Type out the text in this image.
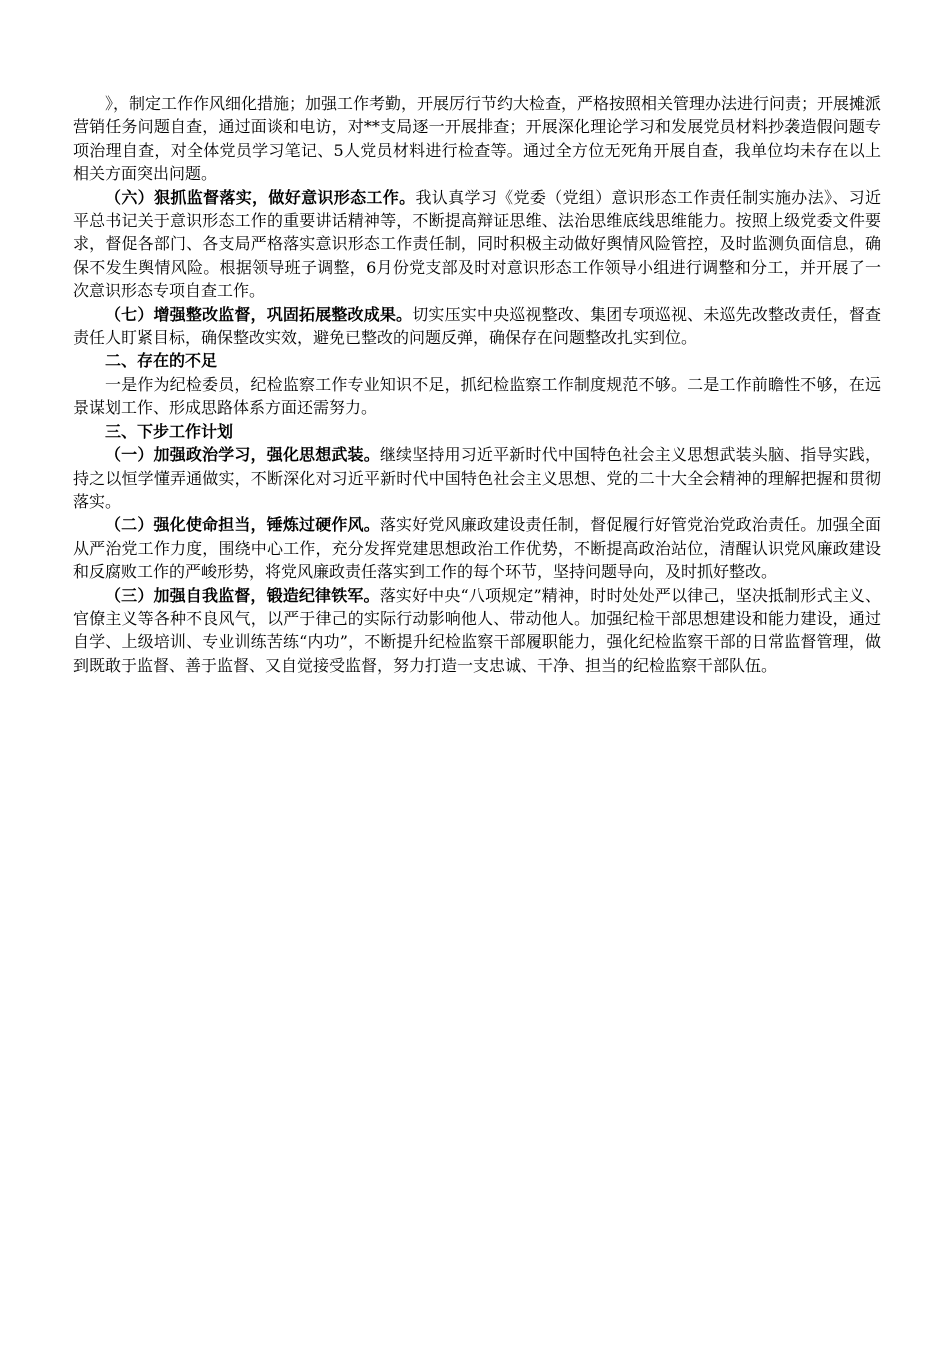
》，制定工作作风细化措施；加强工作考勤，开展厉行节约大检查，严格按照相关管理办法进行问责；开展摊派营销任务问题自查，通过面谈和电访，对**支局逐一开展排查；开展深化理论学习和发展党员材料抄袭造假问题专项治理自查，对全体党员学习笔记、5人党员材料进行检查等。通过全方位无死角开展自查，我单位均未存在以上相关方面突出问题。

（六）狠抓监督落实，做好意识形态工作。我认真学习《党委（党组）意识形态工作责任制实施办法》、习近平总书记关于意识形态工作的重要讲话精神等，不断提高辩证思维、法治思维底线思维能力。按照上级党委文件要求，督促各部门、各支局严格落实意识形态工作责任制，同时积极主动做好舆情风险管控，及时监测负面信息，确保不发生舆情风险。根据领导班子调整，6月份党支部及时对意识形态工作领导小组进行调整和分工，并开展了一次意识形态专项自查工作。

（七）增强整改监督，巩固拓展整改成果。切实压实中央巡视整改、集团专项巡视、未巡先改整改责任，督查责任人盯紧目标，确保整改实效，避免已整改的问题反弹，确保存在问题整改扎实到位。

二、存在的不足

一是作为纪检委员，纪检监察工作专业知识不足，抓纪检监察工作制度规范不够。二是工作前瞻性不够，在远景谋划工作、形成思路体系方面还需努力。

三、下步工作计划

（一）加强政治学习，强化思想武装。继续坚持用习近平新时代中国特色社会主义思想武装头脑、指导实践，持之以恒学懂弄通做实，不断深化对习近平新时代中国特色社会主义思想、党的二十大全会精神的理解把握和贯彻落实。

（二）强化使命担当，锤炼过硬作风。落实好党风廉政建设责任制，督促履行好管党治党政治责任。加强全面从严治党工作力度，围绕中心工作，充分发挥党建思想政治工作优势，不断提高政治站位，清醒认识党风廉政建设和反腐败工作的严峻形势，将党风廉政责任落实到工作的每个环节，坚持问题导向，及时抓好整改。

（三）加强自我监督，锻造纪律铁军。落实好中央“八项规定”精神，时时处处严以律己，坚决抵制形式主义、官僚主义等各种不良风气，以严于律己的实际行动影响他人、带动他人。加强纪检干部思想建设和能力建设，通过自学、上级培训、专业训练苦练“内功”，不断提升纪检监察干部履职能力，强化纪检监察干部的日常监督管理，做到既敢于监督、善于监督、又自觉接受监督，努力打造一支忠诚、干净、担当的纪检监察干部队伍。
